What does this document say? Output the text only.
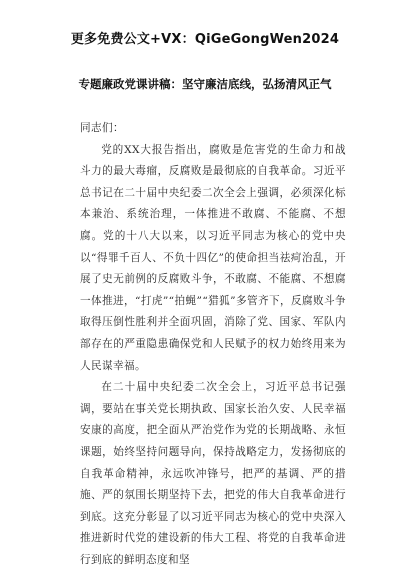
更多免费公文+VX：QiGeGongWen2024
专题廉政党课讲稿：坚守廉洁底线，弘扬清风正气

同志们：

党的XX大报告指出，腐败是危害党的生命力和战斗力的最大毒瘤，反腐败是最彻底的自我革命。习近平总书记在二十届中央纪委二次全会上强调，必须深化标本兼治、系统治理，一体推进不敢腐、不能腐、不想腐。党的十八大以来，以习近平同志为核心的党中央以“得罪千百人、不负十四亿”的使命担当祛疴治乱，开展了史无前例的反腐败斗争，不敢腐、不能腐、不想腐一体推进，“打虎”“拍蝇”“猎狐”多管齐下，反腐败斗争取得压倒性胜利并全面巩固，消除了党、国家、军队内部存在的严重隐患确保党和人民赋予的权力始终用来为人民谋幸福。

在二十届中央纪委二次全会上，习近平总书记强调，要站在事关党长期执政、国家长治久安、人民幸福安康的高度，把全面从严治党作为党的长期战略、永恒课题，始终坚持问题导向，保持战略定力，发扬彻底的自我革命精神，永远吹冲锋号，把严的基调、严的措施、严的氛围长期坚持下去，把党的伟大自我革命进行到底。这充分彰显了以习近平同志为核心的党中央深入推进新时代党的建设新的伟大工程、将党的自我革命进行到底的鲜明态度和坚
